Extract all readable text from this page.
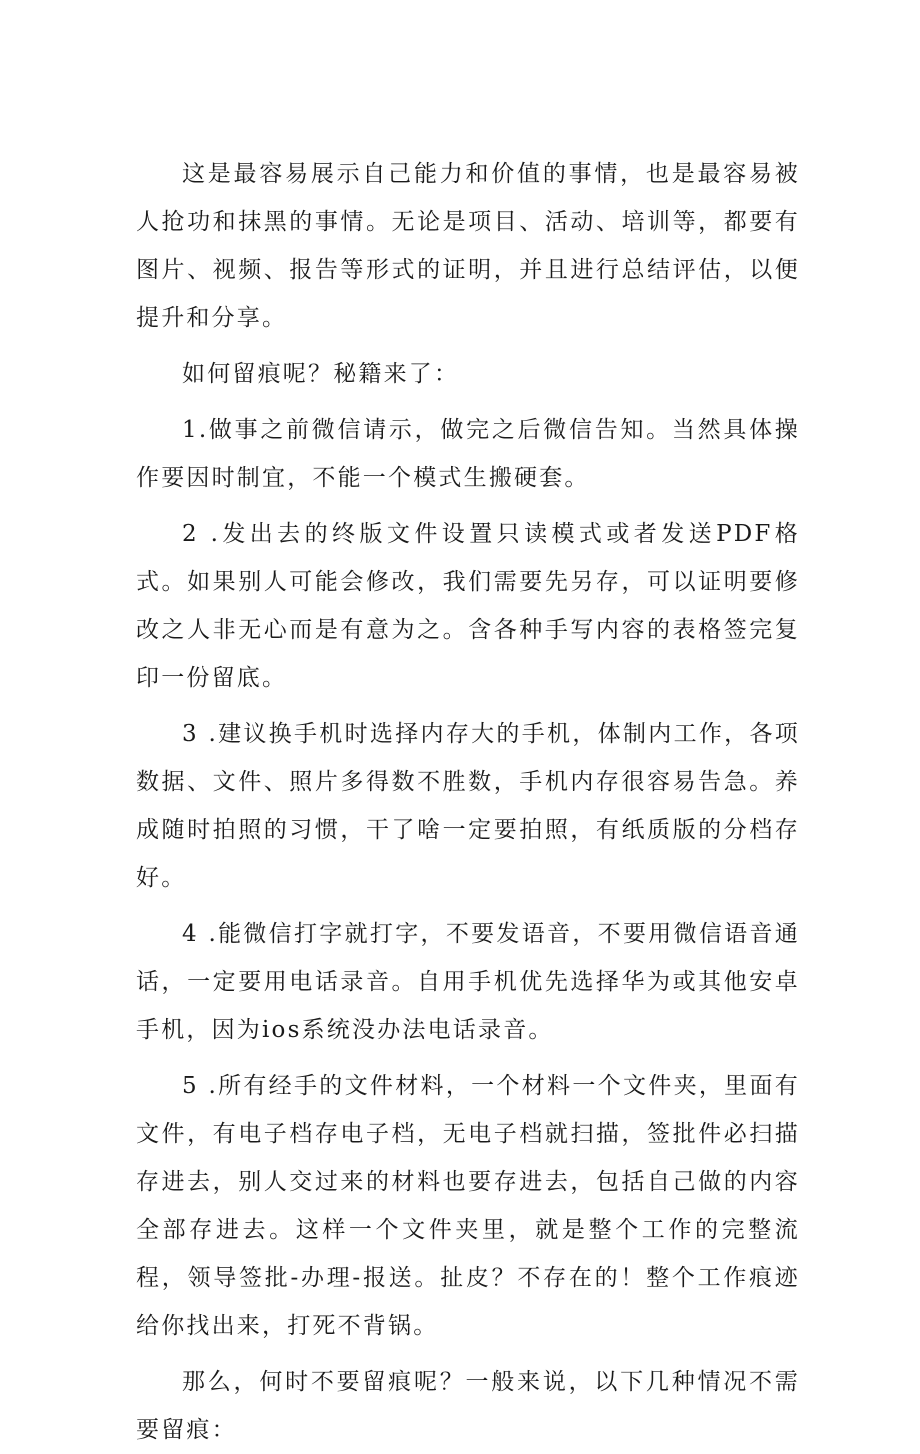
这是最容易展示自己能力和价值的事情，也是最容易被人抢功和抹黑的事情。无论是项目、活动、培训等，都要有图片、视频、报告等形式的证明，并且进行总结评估，以便提升和分享。

如何留痕呢？秘籍来了：

1.做事之前微信请示，做完之后微信告知。当然具体操作要因时制宜，不能一个模式生搬硬套。

2 .发出去的终版文件设置只读模式或者发送PDF格式。如果别人可能会修改，我们需要先另存，可以证明要修改之人非无心而是有意为之。含各种手写内容的表格签完复印一份留底。

3 .建议换手机时选择内存大的手机，体制内工作，各项数据、文件、照片多得数不胜数，手机内存很容易告急。养成随时拍照的习惯，干了啥一定要拍照，有纸质版的分档存好。

4 .能微信打字就打字，不要发语音，不要用微信语音通话，一定要用电话录音。自用手机优先选择华为或其他安卓手机，因为ios系统没办法电话录音。

5 .所有经手的文件材料，一个材料一个文件夹，里面有文件，有电子档存电子档，无电子档就扫描，签批件必扫描存进去，别人交过来的材料也要存进去，包括自己做的内容全部存进去。这样一个文件夹里，就是整个工作的完整流程，领导签批-办理-报送。扯皮？不存在的！整个工作痕迹给你找出来，打死不背锅。

那么，何时不要留痕呢？一般来说，以下几种情况不需要留痕：
